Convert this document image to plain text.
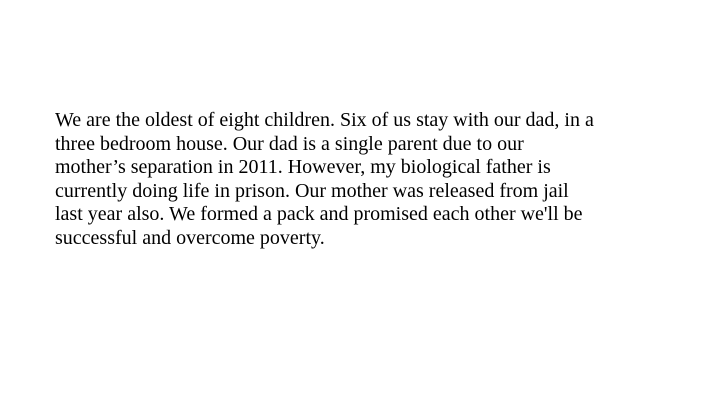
We are the oldest of eight children. Six of us stay with our dad, in a
three bedroom house. Our dad is a single parent due to our
mother’s separation in 2011. However, my biological father is
currently doing life in prison. Our mother was released from jail
last year also. We formed a pack and promised each other we'll be
successful and overcome poverty.
